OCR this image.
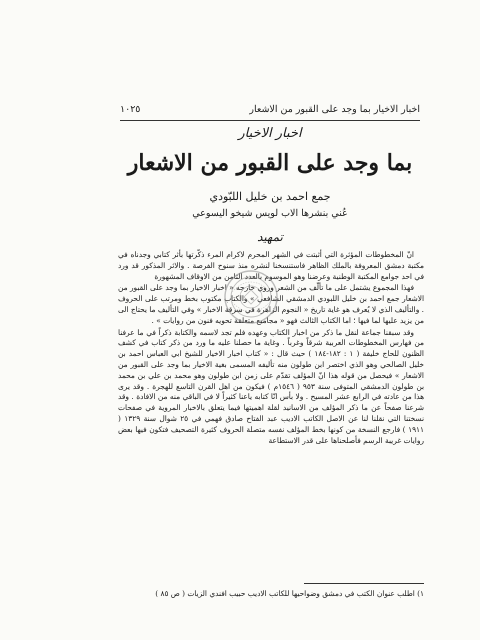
اخبار الاخيار بما وجد على القبور من الاشعار
١٠٢٥
اخبار الاخيار
بما وجد على القبور من الاشعار
جمع احمد بن خليل اللبّودي
عُني بنشرها الاب لويس شيخو اليسوعي
تمهيد

انّ المخطوطات المؤثرة التي أثبتت في الشهر المحرم لاكرام المرء ذكّرتها بأثر كتابي وجدناه في مكتبة دمشق المعروفة بالملك الظاهر فاستنسخنا لنشره منذ سنوح الفرصة . والاثر المذكور قد ورد في احد جوامع المكتبة الوطنية وعرضنا وهو الموسوم بالعدد الثامن من الاوقاف المشهورة

فهذا المجموع يشتمل على ما تألّف من الشعر وروي خارجه « اخبار الاخيار بما وجد على القبور من الاشعار جمع احمد بن خليل اللبودي الدمشقي الشافعي » والكتاب مكتوب بخط ومرتب على الحروف . والتأليف الذي لا يُعرف هو غاية تاريخ « النجوم الزاهرة في سرقة الاخبار » وفي التأليف ما يحتاج الى من يزيد عليها لما فيها ؛ اما الكتاب الثالث فهو « مجاميع متعلقة تحويه فنون من روايات » .

وقد سبقنا جماعة لنقل ما ذكر من اخبار الكتاب وعهده فلم تجد لاسمه والكتابة ذكراً في ما عرفنا من فهارس المخطوطات العربية شرقاً وغرباً . وغاية ما حصلنا عليه ما ورد من ذكر كتاب في كشف الظنون للحاج خليفة ( ١ : ١٨٢-١٨٤ ) حيث قال : « كتاب اخبار الاخيار للشيخ ابي العباس احمد بن خليل الصالحي وهو الذي اختصر ابن طولون منه تأليفه المسمى بغية الاخيار بما وجد على القبور من الاشعار » فيحصل من قوله هذا انّ المؤلف تقدّم على زمن ابن طولون وهو محمد بن علي بن محمد بن طولون الدمشقي المتوفى سنة ٩٥٣ ( ١٥٤٦م ) فيكون من اهل القرن التاسع للهجرة . وقد يرى هذا من عادته في الرابع عشر المسيح . ولا بأس انّا كتابه ياعنا كثيراً لا في الباقي منه من الافادة . وقد شرعنا صفحاً عن ما ذكر المؤلف من الاسانيد لقلة اهميتها فيما يتعلق بالاخبار المروية في صفحات نسختنا التي نقلنا لنا عن الاصل الكاتب الاديب عبد الفتاح صادق فهمي في ٢٥ شوال سنة ١٣٢٩ ( ١٩١١ ) فارجع النسخة من كونها بخط المؤلف نفسه متصلة الحروف كثيرة التصحيف فتكون فيها بعض روايات غريبة الرسم فأصلحناها على قدر الاستطاعة

١) اطلب عنوان الكتب في دمشق وضواحيها للكاتب الاديب حبيب افندي الزيات ( ص ٨٥ )
